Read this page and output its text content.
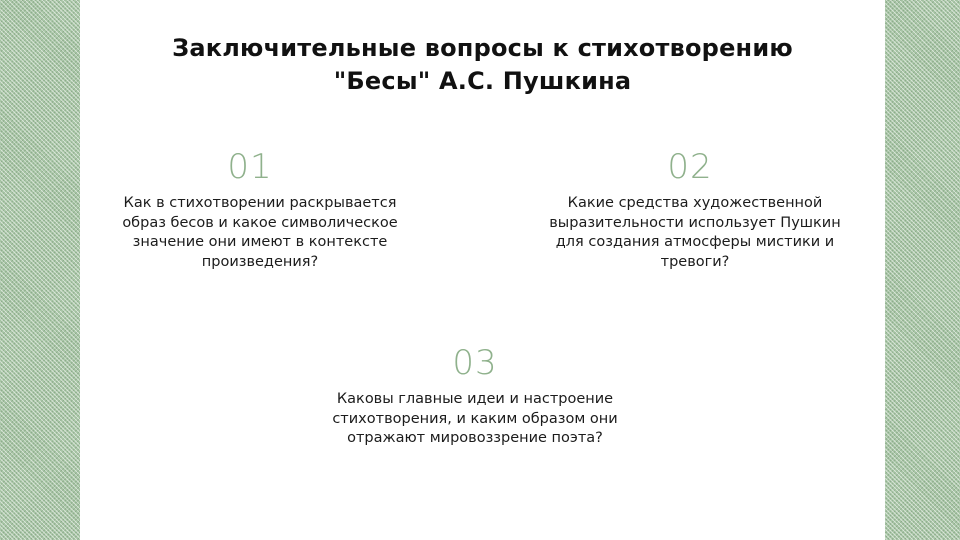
Заключительные вопросы к стихотворению
"Бесы" А.С. Пушкина
01
Как в стихотворении раскрывается образ бесов и какое символическое значение они имеют в контексте произведения?
02
Какие средства художественной выразительности использует Пушкин для создания атмосферы мистики и тревоги?
03
Каковы главные идеи и настроение стихотворения, и каким образом они отражают мировоззрение поэта?
